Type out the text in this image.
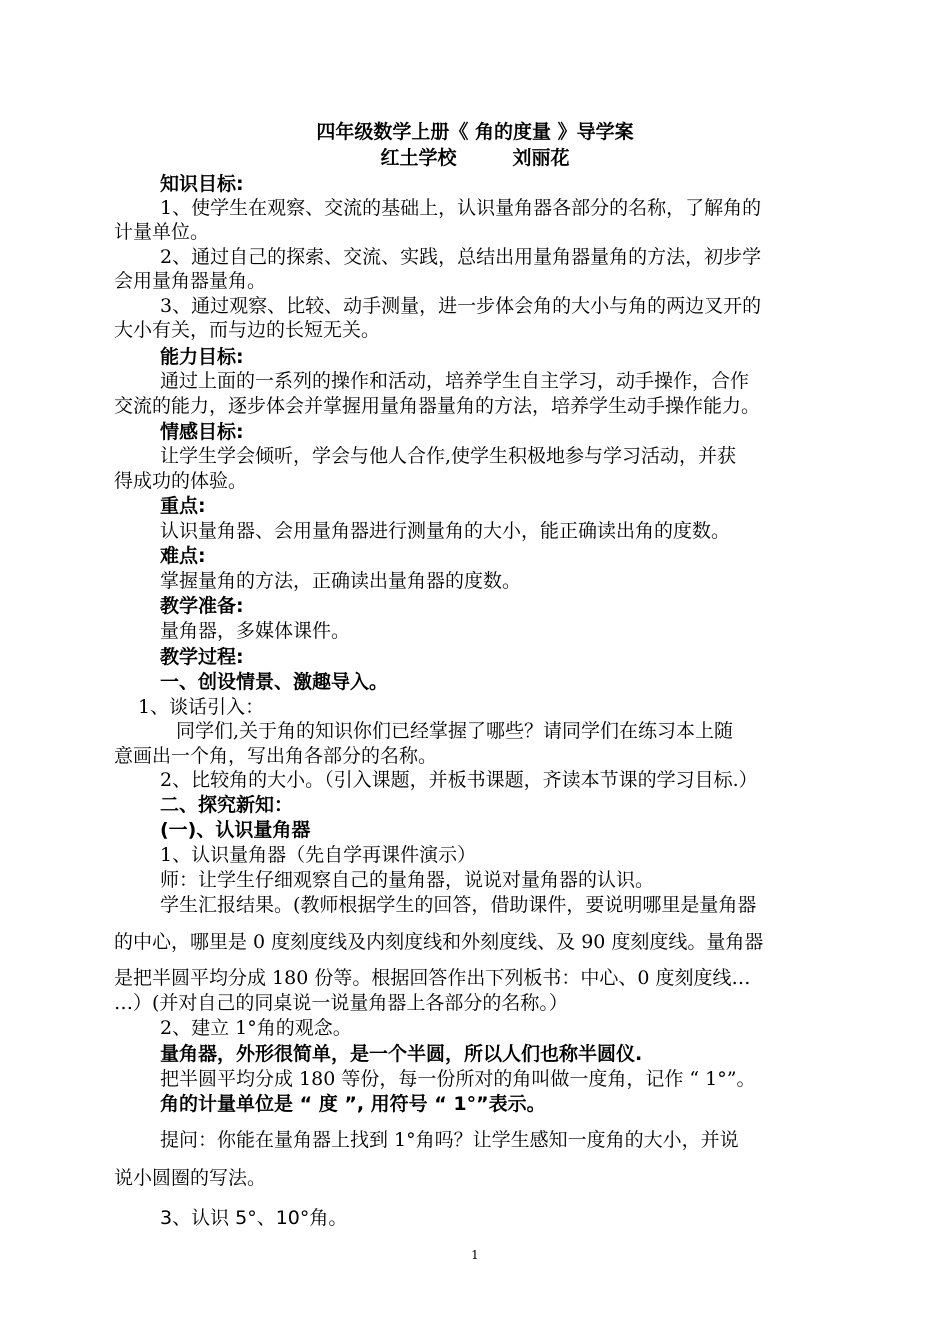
四年级数学上册《 角的度量 》导学案
红土学校	刘丽花
知识目标:
1、使学生在观察、交流的基础上，认识量角器各部分的名称，了解角的
计量单位。
2、通过自己的探索、交流、实践，总结出用量角器量角的方法，初步学
会用量角器量角。
3、通过观察、比较、动手测量，进一步体会角的大小与角的两边叉开的
大小有关，而与边的长短无关。
能力目标:
通过上面的一系列的操作和活动，培养学生自主学习，动手操作，合作
交流的能力，逐步体会并掌握用量角器量角的方法，培养学生动手操作能力。
情感目标:
让学生学会倾听，学会与他人合作,使学生积极地参与学习活动，并获
得成功的体验。
重点:
认识量角器、会用量角器进行测量角的大小，能正确读出角的度数。
难点:
掌握量角的方法，正确读出量角器的度数。
教学准备:
量角器，多媒体课件。
教学过程:
一、创设情景、激趣导入。
1、谈话引入：
同学们,关于角的知识你们已经掌握了哪些？请同学们在练习本上随
意画出一个角，写出角各部分的名称。
2、比较角的大小。（引入课题，并板书课题，齐读本节课的学习目标.）
二、探究新知：
(一)、认识量角器
1、认识量角器（先自学再课件演示）
师：让学生仔细观察自己的量角器，说说对量角器的认识。
学生汇报结果。(教师根据学生的回答，借助课件，要说明哪里是量角器
的中心，哪里是 0 度刻度线及内刻度线和外刻度线、及 90 度刻度线。量角器
是把半圆平均分成 180 份等。根据回答作出下列板书：中心、0 度刻度线…
…）(并对自己的同桌说一说量角器上各部分的名称。）
2、建立 1°角的观念。
量角器，外形很简单，是一个半圆，所以人们也称半圆仪.
把半圆平均分成 180 等份，每一份所对的角叫做一度角，记作 “ 1°”。
角的计量单位是 “ 度 ”, 用符号 “ 1°”表示。
提问：你能在量角器上找到 1°角吗？让学生感知一度角的大小，并说
说小圆圈的写法。
3、认识 5°、10°角。
1
